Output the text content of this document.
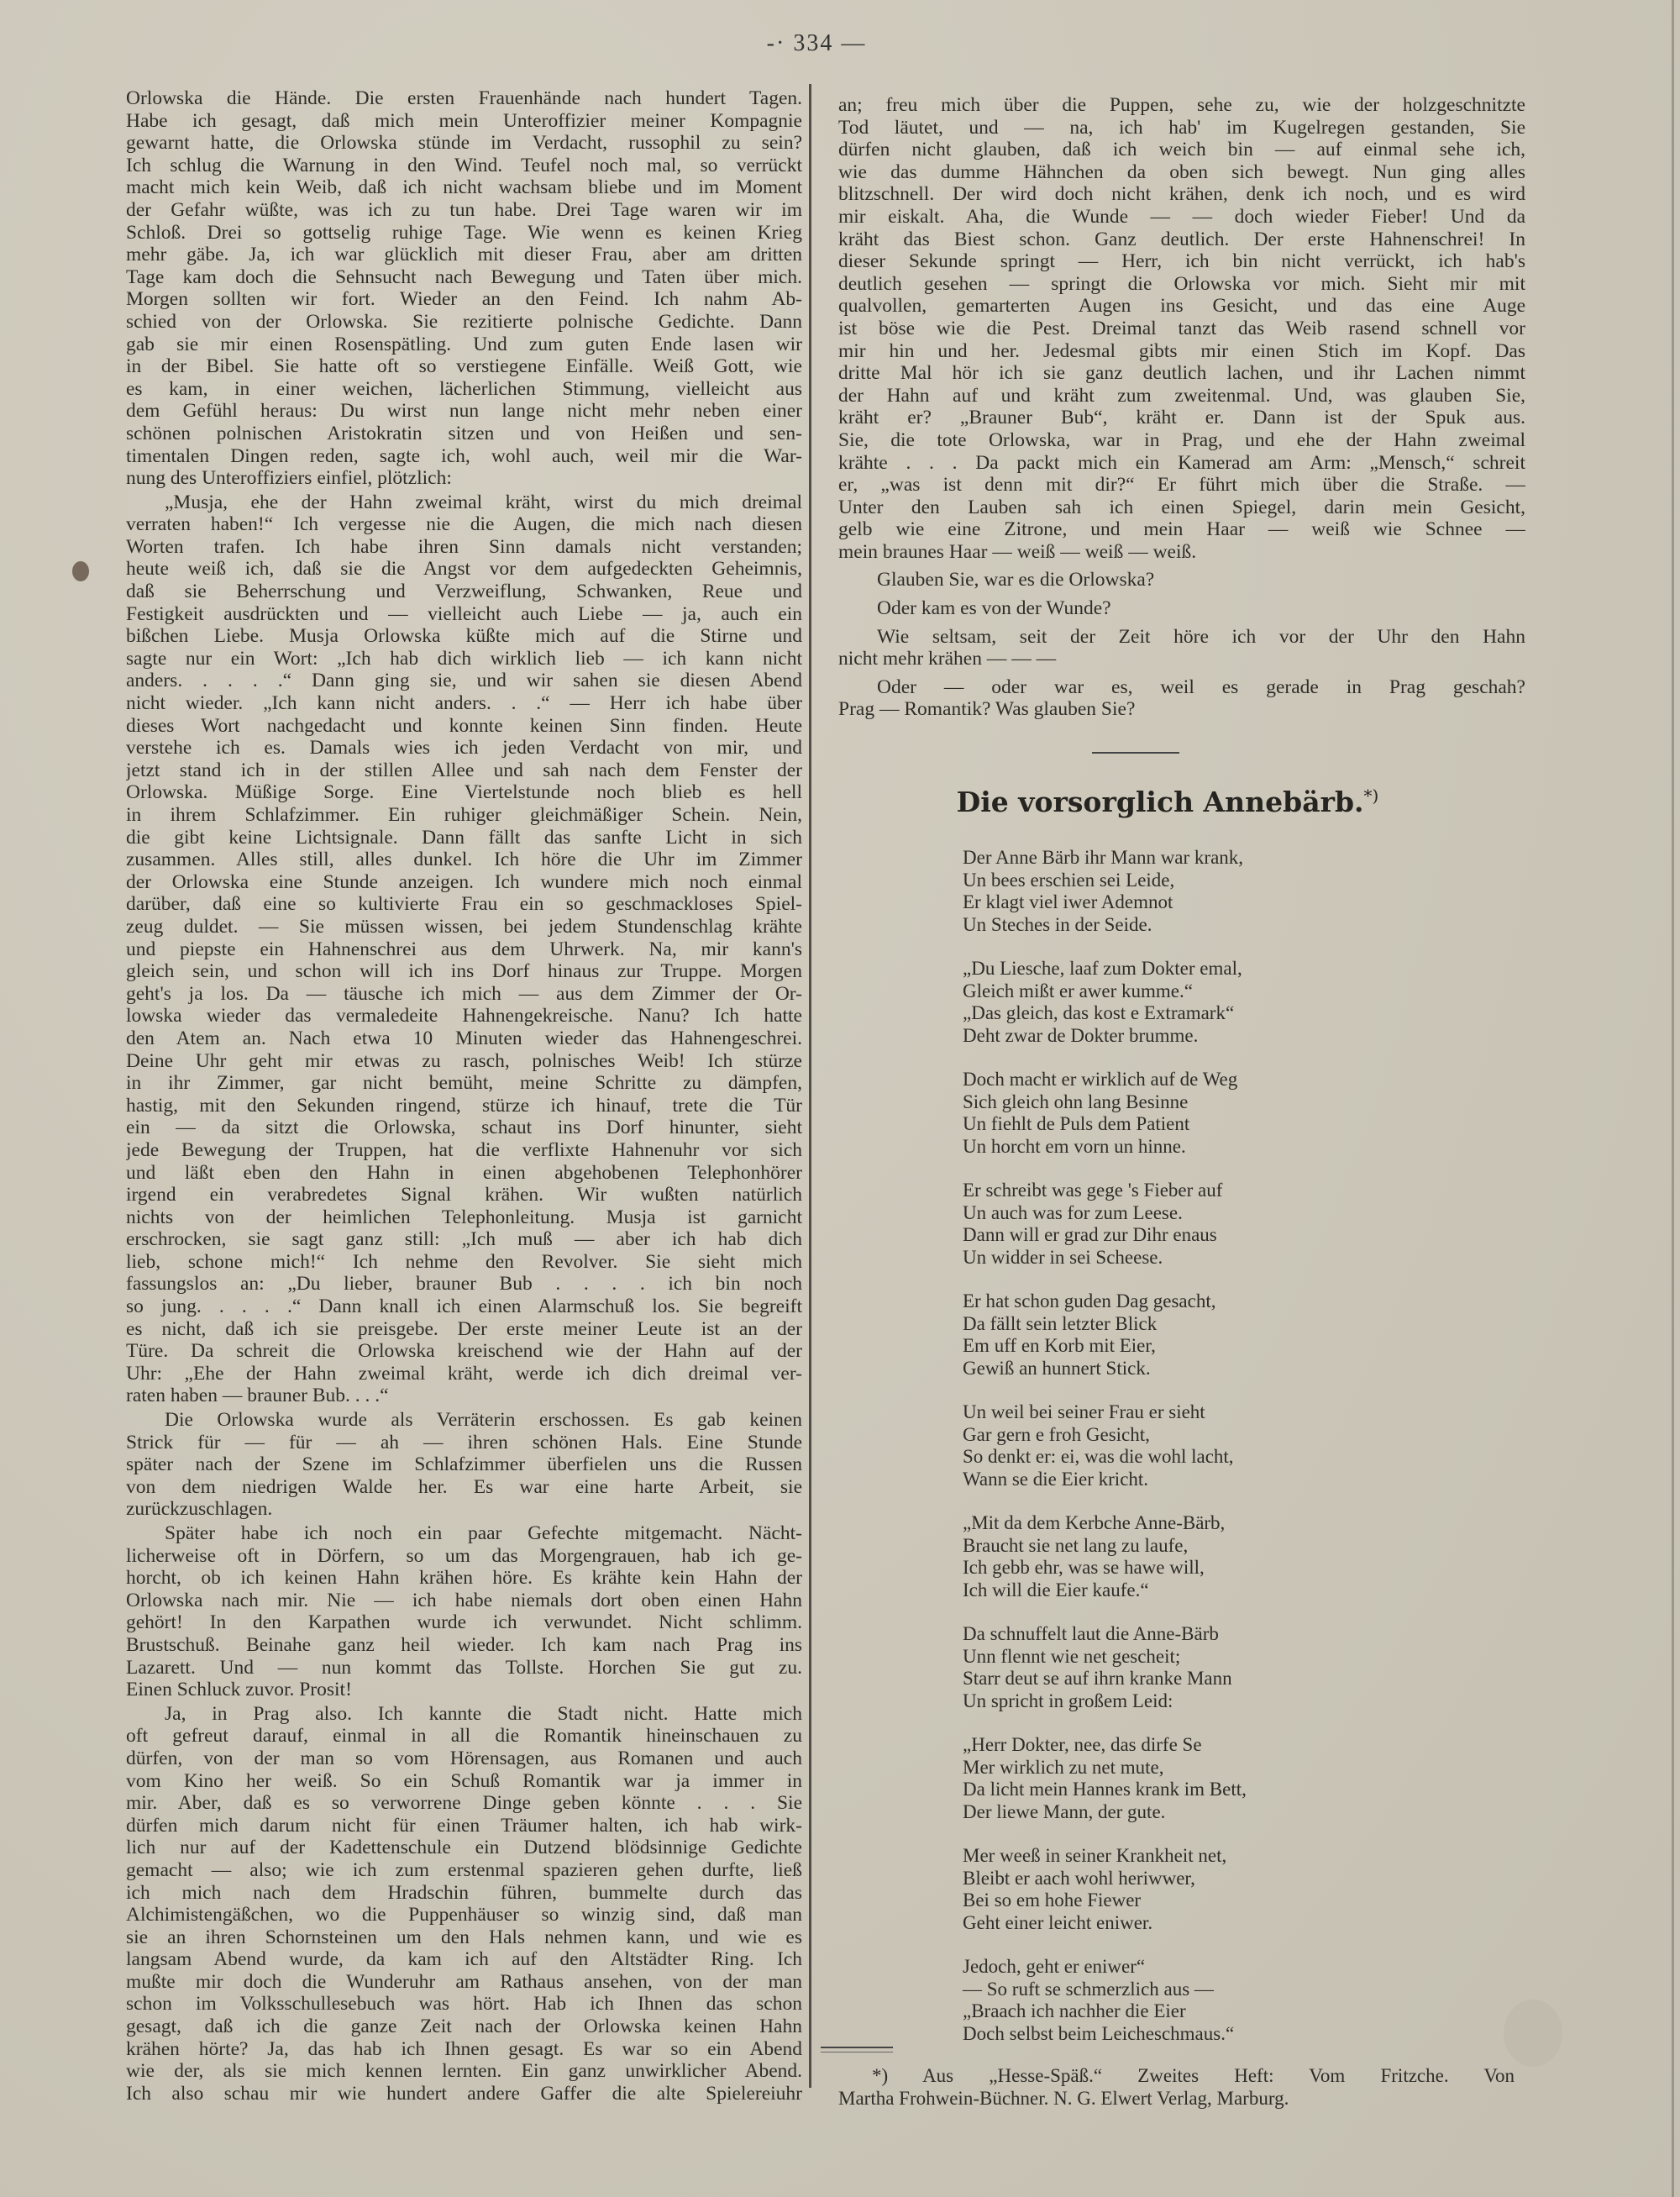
-· 334 —
Orlowska die Hände. Die ersten Frauenhände nach hundert Tagen.
Habe ich gesagt, daß mich mein Unteroffizier meiner Kompagnie
gewarnt hatte, die Orlowska stünde im Verdacht, russophil zu sein?
Ich schlug die Warnung in den Wind. Teufel noch mal, so verrückt
macht mich kein Weib, daß ich nicht wachsam bliebe und im Moment
der Gefahr wüßte, was ich zu tun habe. Drei Tage waren wir im
Schloß. Drei so gottselig ruhige Tage. Wie wenn es keinen Krieg
mehr gäbe. Ja, ich war glücklich mit dieser Frau, aber am dritten
Tage kam doch die Sehnsucht nach Bewegung und Taten über mich.
Morgen sollten wir fort. Wieder an den Feind. Ich nahm Ab-
schied von der Orlowska. Sie rezitierte polnische Gedichte. Dann
gab sie mir einen Rosenspätling. Und zum guten Ende lasen wir
in der Bibel. Sie hatte oft so verstiegene Einfälle. Weiß Gott, wie
es kam, in einer weichen, lächerlichen Stimmung, vielleicht aus
dem Gefühl heraus: Du wirst nun lange nicht mehr neben einer
schönen polnischen Aristokratin sitzen und von Heißen und sen-
timentalen Dingen reden, sagte ich, wohl auch, weil mir die War-
nung des Unteroffiziers einfiel, plötzlich:
„Musja, ehe der Hahn zweimal kräht, wirst du mich dreimal
verraten haben!“ Ich vergesse nie die Augen, die mich nach diesen
Worten trafen. Ich habe ihren Sinn damals nicht verstanden;
heute weiß ich, daß sie die Angst vor dem aufgedeckten Geheimnis,
daß sie Beherrschung und Verzweiflung, Schwanken, Reue und
Festigkeit ausdrückten und — vielleicht auch Liebe — ja, auch ein
bißchen Liebe. Musja Orlowska küßte mich auf die Stirne und
sagte nur ein Wort: „Ich hab dich wirklich lieb — ich kann nicht
anders. . . . .“ Dann ging sie, und wir sahen sie diesen Abend
nicht wieder. „Ich kann nicht anders. . .“ — Herr ich habe über
dieses Wort nachgedacht und konnte keinen Sinn finden. Heute
verstehe ich es. Damals wies ich jeden Verdacht von mir, und
jetzt stand ich in der stillen Allee und sah nach dem Fenster der
Orlowska. Müßige Sorge. Eine Viertelstunde noch blieb es hell
in ihrem Schlafzimmer. Ein ruhiger gleichmäßiger Schein. Nein,
die gibt keine Lichtsignale. Dann fällt das sanfte Licht in sich
zusammen. Alles still, alles dunkel. Ich höre die Uhr im Zimmer
der Orlowska eine Stunde anzeigen. Ich wundere mich noch einmal
darüber, daß eine so kultivierte Frau ein so geschmackloses Spiel-
zeug duldet. — Sie müssen wissen, bei jedem Stundenschlag krähte
und piepste ein Hahnenschrei aus dem Uhrwerk. Na, mir kann's
gleich sein, und schon will ich ins Dorf hinaus zur Truppe. Morgen
geht's ja los. Da — täusche ich mich — aus dem Zimmer der Or-
lowska wieder das vermaledeite Hahnengekreische. Nanu? Ich hatte
den Atem an. Nach etwa 10 Minuten wieder das Hahnengeschrei.
Deine Uhr geht mir etwas zu rasch, polnisches Weib! Ich stürze
in ihr Zimmer, gar nicht bemüht, meine Schritte zu dämpfen,
hastig, mit den Sekunden ringend, stürze ich hinauf, trete die Tür
ein — da sitzt die Orlowska, schaut ins Dorf hinunter, sieht
jede Bewegung der Truppen, hat die verflixte Hahnenuhr vor sich
und läßt eben den Hahn in einen abgehobenen Telephonhörer
irgend ein verabredetes Signal krähen. Wir wußten natürlich
nichts von der heimlichen Telephonleitung. Musja ist garnicht
erschrocken, sie sagt ganz still: „Ich muß — aber ich hab dich
lieb, schone mich!“ Ich nehme den Revolver. Sie sieht mich
fassungslos an: „Du lieber, brauner Bub . . . . ich bin noch
so jung. . . . .“ Dann knall ich einen Alarmschuß los. Sie begreift
es nicht, daß ich sie preisgebe. Der erste meiner Leute ist an der
Türe. Da schreit die Orlowska kreischend wie der Hahn auf der
Uhr: „Ehe der Hahn zweimal kräht, werde ich dich dreimal ver-
raten haben — brauner Bub. . . .“
Die Orlowska wurde als Verräterin erschossen. Es gab keinen
Strick für — für — ah — ihren schönen Hals. Eine Stunde
später nach der Szene im Schlafzimmer überfielen uns die Russen
von dem niedrigen Walde her. Es war eine harte Arbeit, sie
zurückzuschlagen.
Später habe ich noch ein paar Gefechte mitgemacht. Nächt-
licherweise oft in Dörfern, so um das Morgengrauen, hab ich ge-
horcht, ob ich keinen Hahn krähen höre. Es krähte kein Hahn der
Orlowska nach mir. Nie — ich habe niemals dort oben einen Hahn
gehört! In den Karpathen wurde ich verwundet. Nicht schlimm.
Brustschuß. Beinahe ganz heil wieder. Ich kam nach Prag ins
Lazarett. Und — nun kommt das Tollste. Horchen Sie gut zu.
Einen Schluck zuvor. Prosit!
Ja, in Prag also. Ich kannte die Stadt nicht. Hatte mich
oft gefreut darauf, einmal in all die Romantik hineinschauen zu
dürfen, von der man so vom Hörensagen, aus Romanen und auch
vom Kino her weiß. So ein Schuß Romantik war ja immer in
mir. Aber, daß es so verworrene Dinge geben könnte . . . Sie
dürfen mich darum nicht für einen Träumer halten, ich hab wirk-
lich nur auf der Kadettenschule ein Dutzend blödsinnige Gedichte
gemacht — also; wie ich zum erstenmal spazieren gehen durfte, ließ
ich mich nach dem Hradschin führen, bummelte durch das
Alchimistengäßchen, wo die Puppenhäuser so winzig sind, daß man
sie an ihren Schornsteinen um den Hals nehmen kann, und wie es
langsam Abend wurde, da kam ich auf den Altstädter Ring. Ich
mußte mir doch die Wunderuhr am Rathaus ansehen, von der man
schon im Volksschullesebuch was hört. Hab ich Ihnen das schon
gesagt, daß ich die ganze Zeit nach der Orlowska keinen Hahn
krähen hörte? Ja, das hab ich Ihnen gesagt. Es war so ein Abend
wie der, als sie mich kennen lernten. Ein ganz unwirklicher Abend.
Ich also schau mir wie hundert andere Gaffer die alte Spielereiuhr
an; freu mich über die Puppen, sehe zu, wie der holzgeschnitzte
Tod läutet, und — na, ich hab' im Kugelregen gestanden, Sie
dürfen nicht glauben, daß ich weich bin — auf einmal sehe ich,
wie das dumme Hähnchen da oben sich bewegt. Nun ging alles
blitzschnell. Der wird doch nicht krähen, denk ich noch, und es wird
mir eiskalt. Aha, die Wunde — — doch wieder Fieber! Und da
kräht das Biest schon. Ganz deutlich. Der erste Hahnenschrei! In
dieser Sekunde springt — Herr, ich bin nicht verrückt, ich hab's
deutlich gesehen — springt die Orlowska vor mich. Sieht mir mit
qualvollen, gemarterten Augen ins Gesicht, und das eine Auge
ist böse wie die Pest. Dreimal tanzt das Weib rasend schnell vor
mir hin und her. Jedesmal gibts mir einen Stich im Kopf. Das
dritte Mal hör ich sie ganz deutlich lachen, und ihr Lachen nimmt
der Hahn auf und kräht zum zweitenmal. Und, was glauben Sie,
kräht er? „Brauner Bub“, kräht er. Dann ist der Spuk aus.
Sie, die tote Orlowska, war in Prag, und ehe der Hahn zweimal
krähte . . . Da packt mich ein Kamerad am Arm: „Mensch,“ schreit
er, „was ist denn mit dir?“ Er führt mich über die Straße. —
Unter den Lauben sah ich einen Spiegel, darin mein Gesicht,
gelb wie eine Zitrone, und mein Haar — weiß wie Schnee —
mein braunes Haar — weiß — weiß — weiß.
Glauben Sie, war es die Orlowska?
Oder kam es von der Wunde?
Wie seltsam, seit der Zeit höre ich vor der Uhr den Hahn
nicht mehr krähen — — —
Oder — oder war es, weil es gerade in Prag geschah?
Prag — Romantik? Was glauben Sie?
Die vorsorglich Annebärb.*)
Der Anne Bärb ihr Mann war krank,
Un bees erschien sei Leide,
Er klagt viel iwer Ademnot
Un Steches in der Seide.
„Du Liesche, laaf zum Dokter emal,
Gleich mißt er awer kumme.“
„Das gleich, das kost e Extramark“
Deht zwar de Dokter brumme.
Doch macht er wirklich auf de Weg
Sich gleich ohn lang Besinne
Un fiehlt de Puls dem Patient
Un horcht em vorn un hinne.
Er schreibt was gege 's Fieber auf
Un auch was for zum Leese.
Dann will er grad zur Dihr enaus
Un widder in sei Scheese.
Er hat schon guden Dag gesacht,
Da fällt sein letzter Blick
Em uff en Korb mit Eier,
Gewiß an hunnert Stick.
Un weil bei seiner Frau er sieht
Gar gern e froh Gesicht,
So denkt er: ei, was die wohl lacht,
Wann se die Eier kricht.
„Mit da dem Kerbche Anne-Bärb,
Braucht sie net lang zu laufe,
Ich gebb ehr, was se hawe will,
Ich will die Eier kaufe.“
Da schnuffelt laut die Anne-Bärb
Unn flennt wie net gescheit;
Starr deut se auf ihrn kranke Mann
Un spricht in großem Leid:
„Herr Dokter, nee, das dirfe Se
Mer wirklich zu net mute,
Da licht mein Hannes krank im Bett,
Der liewe Mann, der gute.
Mer weeß in seiner Krankheit net,
Bleibt er aach wohl heriwwer,
Bei so em hohe Fiewer
Geht einer leicht eniwer.
Jedoch, geht er eniwer“
— So ruft se schmerzlich aus —
„Braach ich nachher die Eier
Doch selbst beim Leicheschmaus.“
*) Aus „Hesse-Späß.“ Zweites Heft: Vom Fritzche. Von
Martha Frohwein-Büchner. N. G. Elwert Verlag, Marburg.
